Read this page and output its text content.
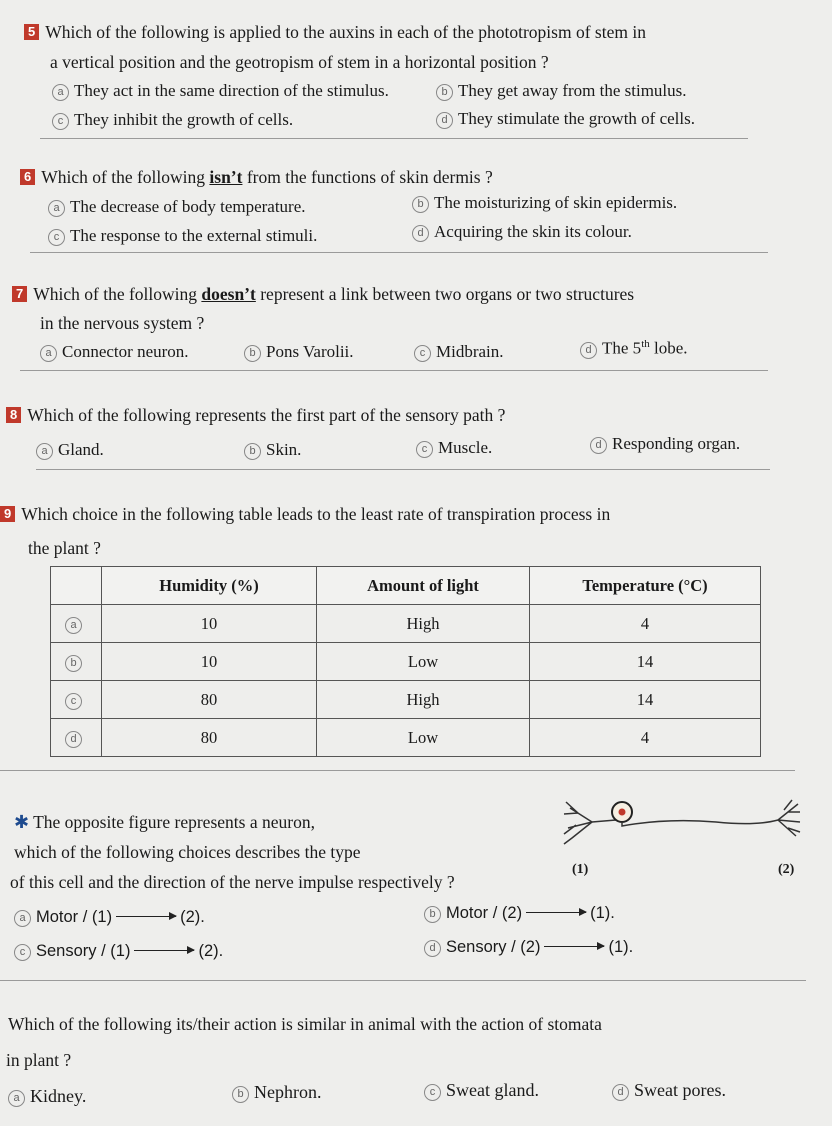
5 Which of the following is applied to the auxins in each of the phototropism of stem in
a vertical position and the geotropism of stem in a horizontal position ?
a They act in the same direction of the stimulus.	b They get away from the stimulus.
c They inhibit the growth of cells.	d They stimulate the growth of cells.
6 Which of the following isn’t from the functions of skin dermis ?
a The decrease of body temperature.	b The moisturizing of skin epidermis.
c The response to the external stimuli.	d Acquiring the skin its colour.
7 Which of the following doesn’t represent a link between two organs or two structures
in the nervous system ?
a Connector neuron.	b Pons Varolii.	c Midbrain.	d The 5th lobe.
8 Which of the following represents the first part of the sensory path ?
a Gland.	b Skin.	c Muscle.	d Responding organ.
9 Which choice in the following table leads to the least rate of transpiration process in
the plant ?
	Humidity (%)	Amount of light	Temperature (°C)
a	10	High	4
b	10	Low	14
c	80	High	14
d	80	Low	4
✱ The opposite figure represents a neuron,
which of the following choices describes the type
of this cell and the direction of the nerve impulse respectively ?
(1)	(2)
a Motor / (1)	(2).	b Motor / (2)	(1).
c Sensory / (1)	(2).	d Sensory / (2)	(1).
Which of the following its/their action is similar in animal with the action of stomata
in plant ?
a Kidney.	b Nephron.	c Sweat gland.	d Sweat pores.
